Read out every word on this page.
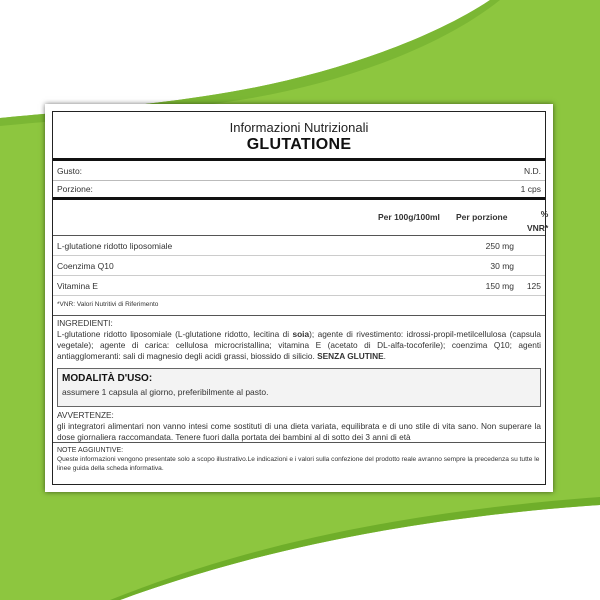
Informazioni Nutrizionali
GLUTATIONE
Gusto:	N.D.
Porzione:	1 cps
Per 100g/100ml Per porzione	%
VNR*
L-glutatione ridotto liposomiale	250 mg
Coenzima Q10	30 mg
Vitamina E	150 mg 125
*VNR: Valori Nutritivi di Riferimento
INGREDIENTI:
L-glutatione ridotto liposomiale (L-glutatione ridotto, lecitina di soia); agente di rivestimento: idrossi-propil-metilcellulosa (capsula vegetale); agente di carica: cellulosa microcristallina; vitamina E (acetato di DL-alfa-tocoferile); coenzima Q10; agenti antiagglomeranti: sali di magnesio degli acidi grassi, biossido di silicio. SENZA GLUTINE.
MODALITÀ D'USO:
assumere 1 capsula al giorno, preferibilmente al pasto.
AVVERTENZE:
gli integratori alimentari non vanno intesi come sostituti di una dieta variata, equilibrata e di uno stile di vita sano. Non superare la dose giornaliera raccomandata. Tenere fuori dalla portata dei bambini al di sotto dei 3 anni di età
NOTE AGGIUNTIVE:
Queste informazioni vengono presentate solo a scopo illustrativo.Le indicazioni e i valori sulla confezione del prodotto reale avranno sempre la precedenza su tutte le linee guida della scheda informativa.
